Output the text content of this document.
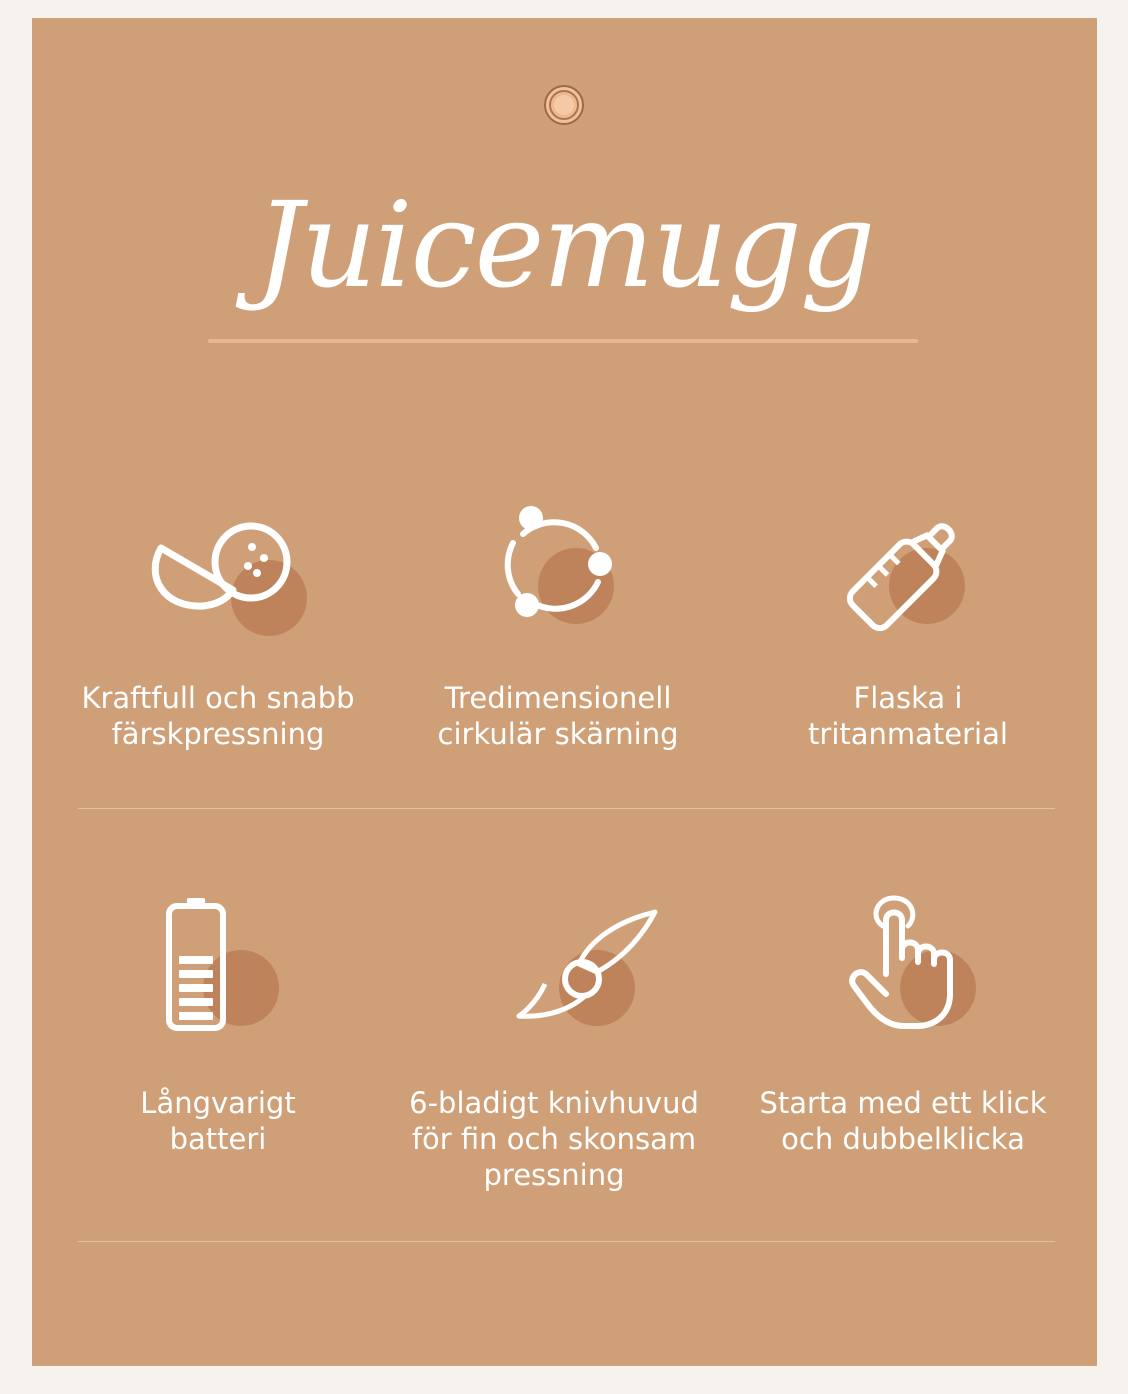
Juicemugg
Kraftfull och snabb
färskpressning
Tredimensionell
cirkulär skärning
Flaska i
tritanmaterial
Långvarigt
batteri
6-bladigt knivhuvud
för fin och skonsam
pressning
Starta med ett klick
och dubbelklicka
